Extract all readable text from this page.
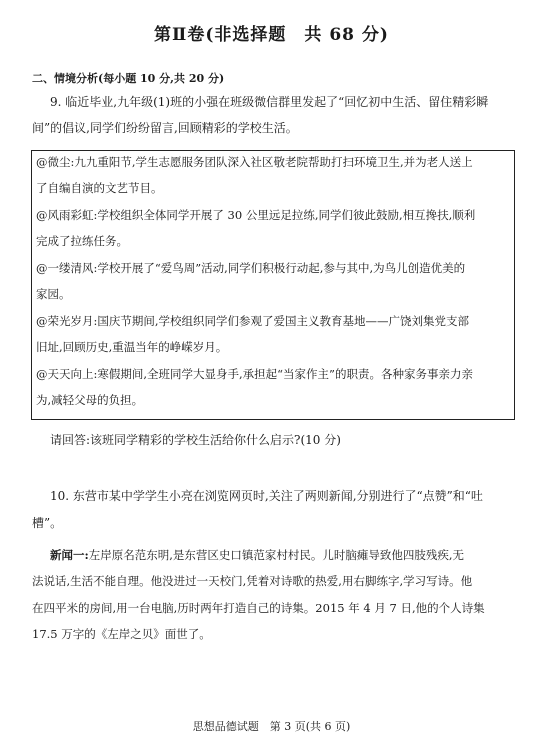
第Ⅱ卷(非选择题　共 68 分)
二、情境分析(每小题 10 分,共 20 分)
9. 临近毕业,九年级(1)班的小强在班级微信群里发起了“回忆初中生活、留住精彩瞬
间”的倡议,同学们纷纷留言,回顾精彩的学校生活。
@微尘:九九重阳节,学生志愿服务团队深入社区敬老院帮助打扫环境卫生,并为老人送上
了自编自演的文艺节目。
@风雨彩虹:学校组织全体同学开展了 30 公里远足拉练,同学们彼此鼓励,相互搀扶,顺利
完成了拉练任务。
@一缕清风:学校开展了“爱鸟周”活动,同学们积极行动起,参与其中,为鸟儿创造优美的
家园。
@荣光岁月:国庆节期间,学校组织同学们参观了爱国主义教育基地——广饶刘集党支部
旧址,回顾历史,重温当年的峥嵘岁月。
@天天向上:寒假期间,全班同学大显身手,承担起“当家作主”的职责。各种家务事亲力亲
为,减轻父母的负担。
请回答:该班同学精彩的学校生活给你什么启示?(10 分)
10. 东营市某中学学生小亮在浏览网页时,关注了两则新闻,分别进行了“点赞”和“吐
槽”。
新闻一:左岸原名范东明,是东营区史口镇范家村村民。儿时脑瘫导致他四肢残疾,无
法说话,生活不能自理。他没进过一天校门,凭着对诗歌的热爱,用右脚练字,学习写诗。他
在四平米的房间,用一台电脑,历时两年打造自己的诗集。2015 年 4 月 7 日,他的个人诗集
17.5 万字的《左岸之贝》面世了。
思想品德试题　第 3 页(共 6 页)
